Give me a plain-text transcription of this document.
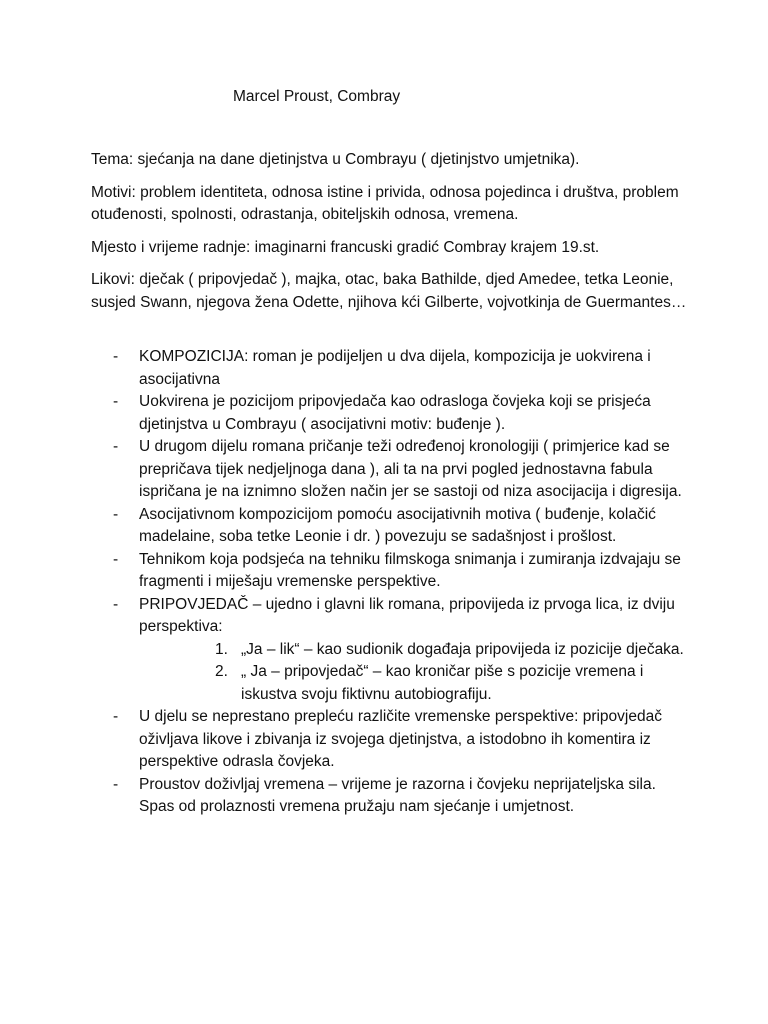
Marcel Proust, Combray

Tema: sjećanja na dane djetinjstva u Combrayu ( djetinjstvo umjetnika).

Motivi: problem identiteta, odnosa istine i privida, odnosa pojedinca i društva, problem otuđenosti, spolnosti, odrastanja, obiteljskih odnosa, vremena.

Mjesto i vrijeme radnje: imaginarni francuski gradić Combray krajem 19.st.

Likovi: dječak ( pripovjedač ), majka, otac, baka Bathilde, djed Amedee, tetka Leonie, susjed Swann, njegova žena Odette, njihova kći Gilberte, vojvotkinja de Guermantes…

- KOMPOZICIJA: roman je podijeljen u dva dijela, kompozicija je uokvirena i asocijativna
- Uokvirena je pozicijom pripovjedača kao odrasloga čovjeka koji se prisjeća djetinjstva u Combrayu ( asocijativni motiv: buđenje ).
- U drugom dijelu romana pričanje teži određenoj kronologiji ( primjerice kad se prepričava tijek nedjeljnoga dana ), ali ta na prvi pogled jednostavna fabula ispričana je na iznimno složen način jer se sastoji od niza asocijacija i digresija.
- Asocijativnom kompozicijom pomoću asocijativnih motiva ( buđenje, kolačić madelaine, soba tetke Leonie i dr. ) povezuju se sadašnjost i prošlost.
- Tehnikom koja podsjeća na tehniku filmskoga snimanja i zumiranja izdvajaju se fragmenti i miješaju vremenske perspektive.
- PRIPOVJEDAČ – ujedno i glavni lik romana, pripovijeda iz prvoga lica, iz dviju perspektiva:
1. „Ja – lik“ – kao sudionik događaja pripovijeda iz pozicije dječaka.
2. „ Ja – pripovjedač“ – kao kroničar piše s pozicije vremena i iskustva svoju fiktivnu autobiografiju.
- U djelu se neprestano prepleću različite vremenske perspektive: pripovjedač oživljava likove i zbivanja iz svojega djetinjstva, a istodobno ih komentira iz perspektive odrasla čovjeka.
- Proustov doživljaj vremena – vrijeme je razorna i čovjeku neprijateljska sila. Spas od prolaznosti vremena pružaju nam sjećanje i umjetnost.
